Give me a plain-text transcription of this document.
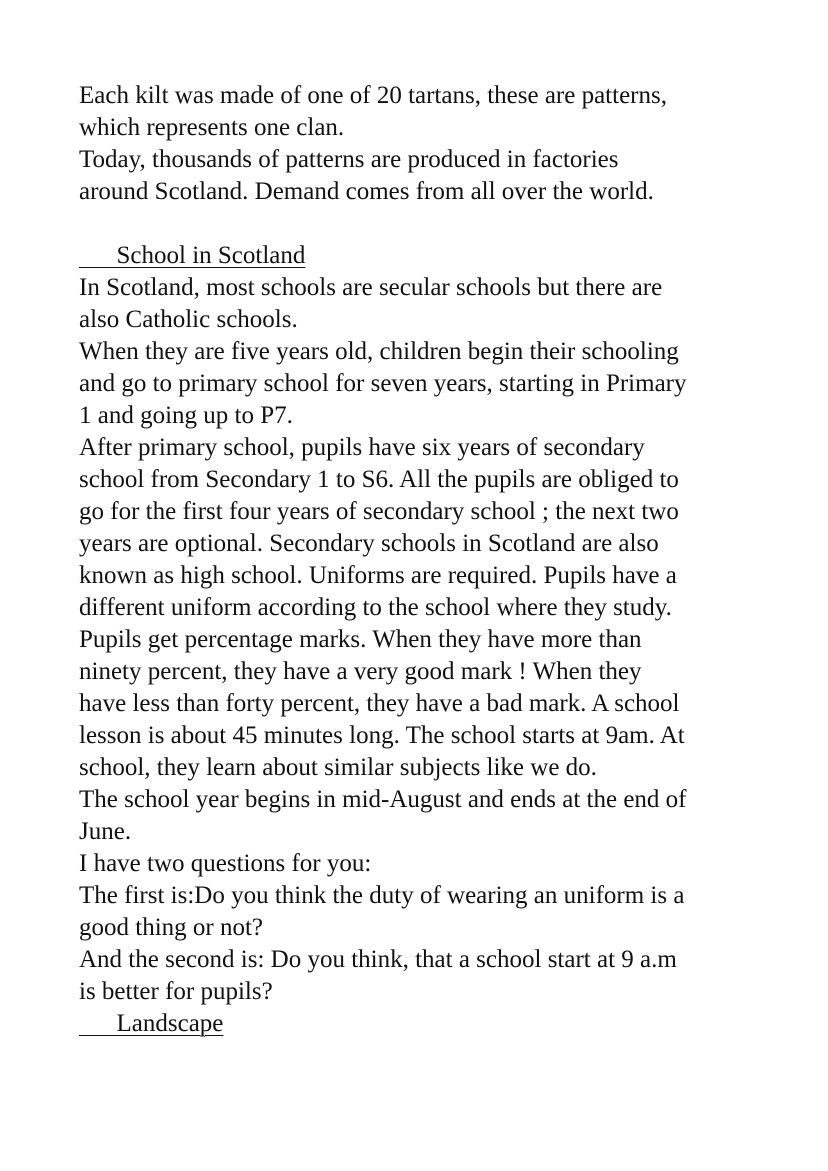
Each kilt was made of one of 20 tartans, these are patterns,
which represents one clan.
Today, thousands of patterns are produced in factories
around Scotland. Demand comes from all over the world.
School in Scotland
In Scotland, most schools are secular schools but there are
also Catholic schools.
When they are five years old, children begin their schooling
and go to primary school for seven years, starting in Primary
1 and going up to P7.
After primary school, pupils have six years of secondary
school from Secondary 1 to S6. All the pupils are obliged to
go for the first four years of secondary school ; the next two
years are optional. Secondary schools in Scotland are also
known as high school. Uniforms are required. Pupils have a
different uniform according to the school where they study.
Pupils get percentage marks. When they have more than
ninety percent, they have a very good mark ! When they
have less than forty percent, they have a bad mark. A school
lesson is about 45 minutes long. The school starts at 9am. At
school, they learn about similar subjects like we do.
The school year begins in mid-August and ends at the end of
June.
I have two questions for you:
The first is:Do you think the duty of wearing an uniform is a
good thing or not?
And the second is: Do you think, that a school start at 9 a.m
is better for pupils?
Landscape
